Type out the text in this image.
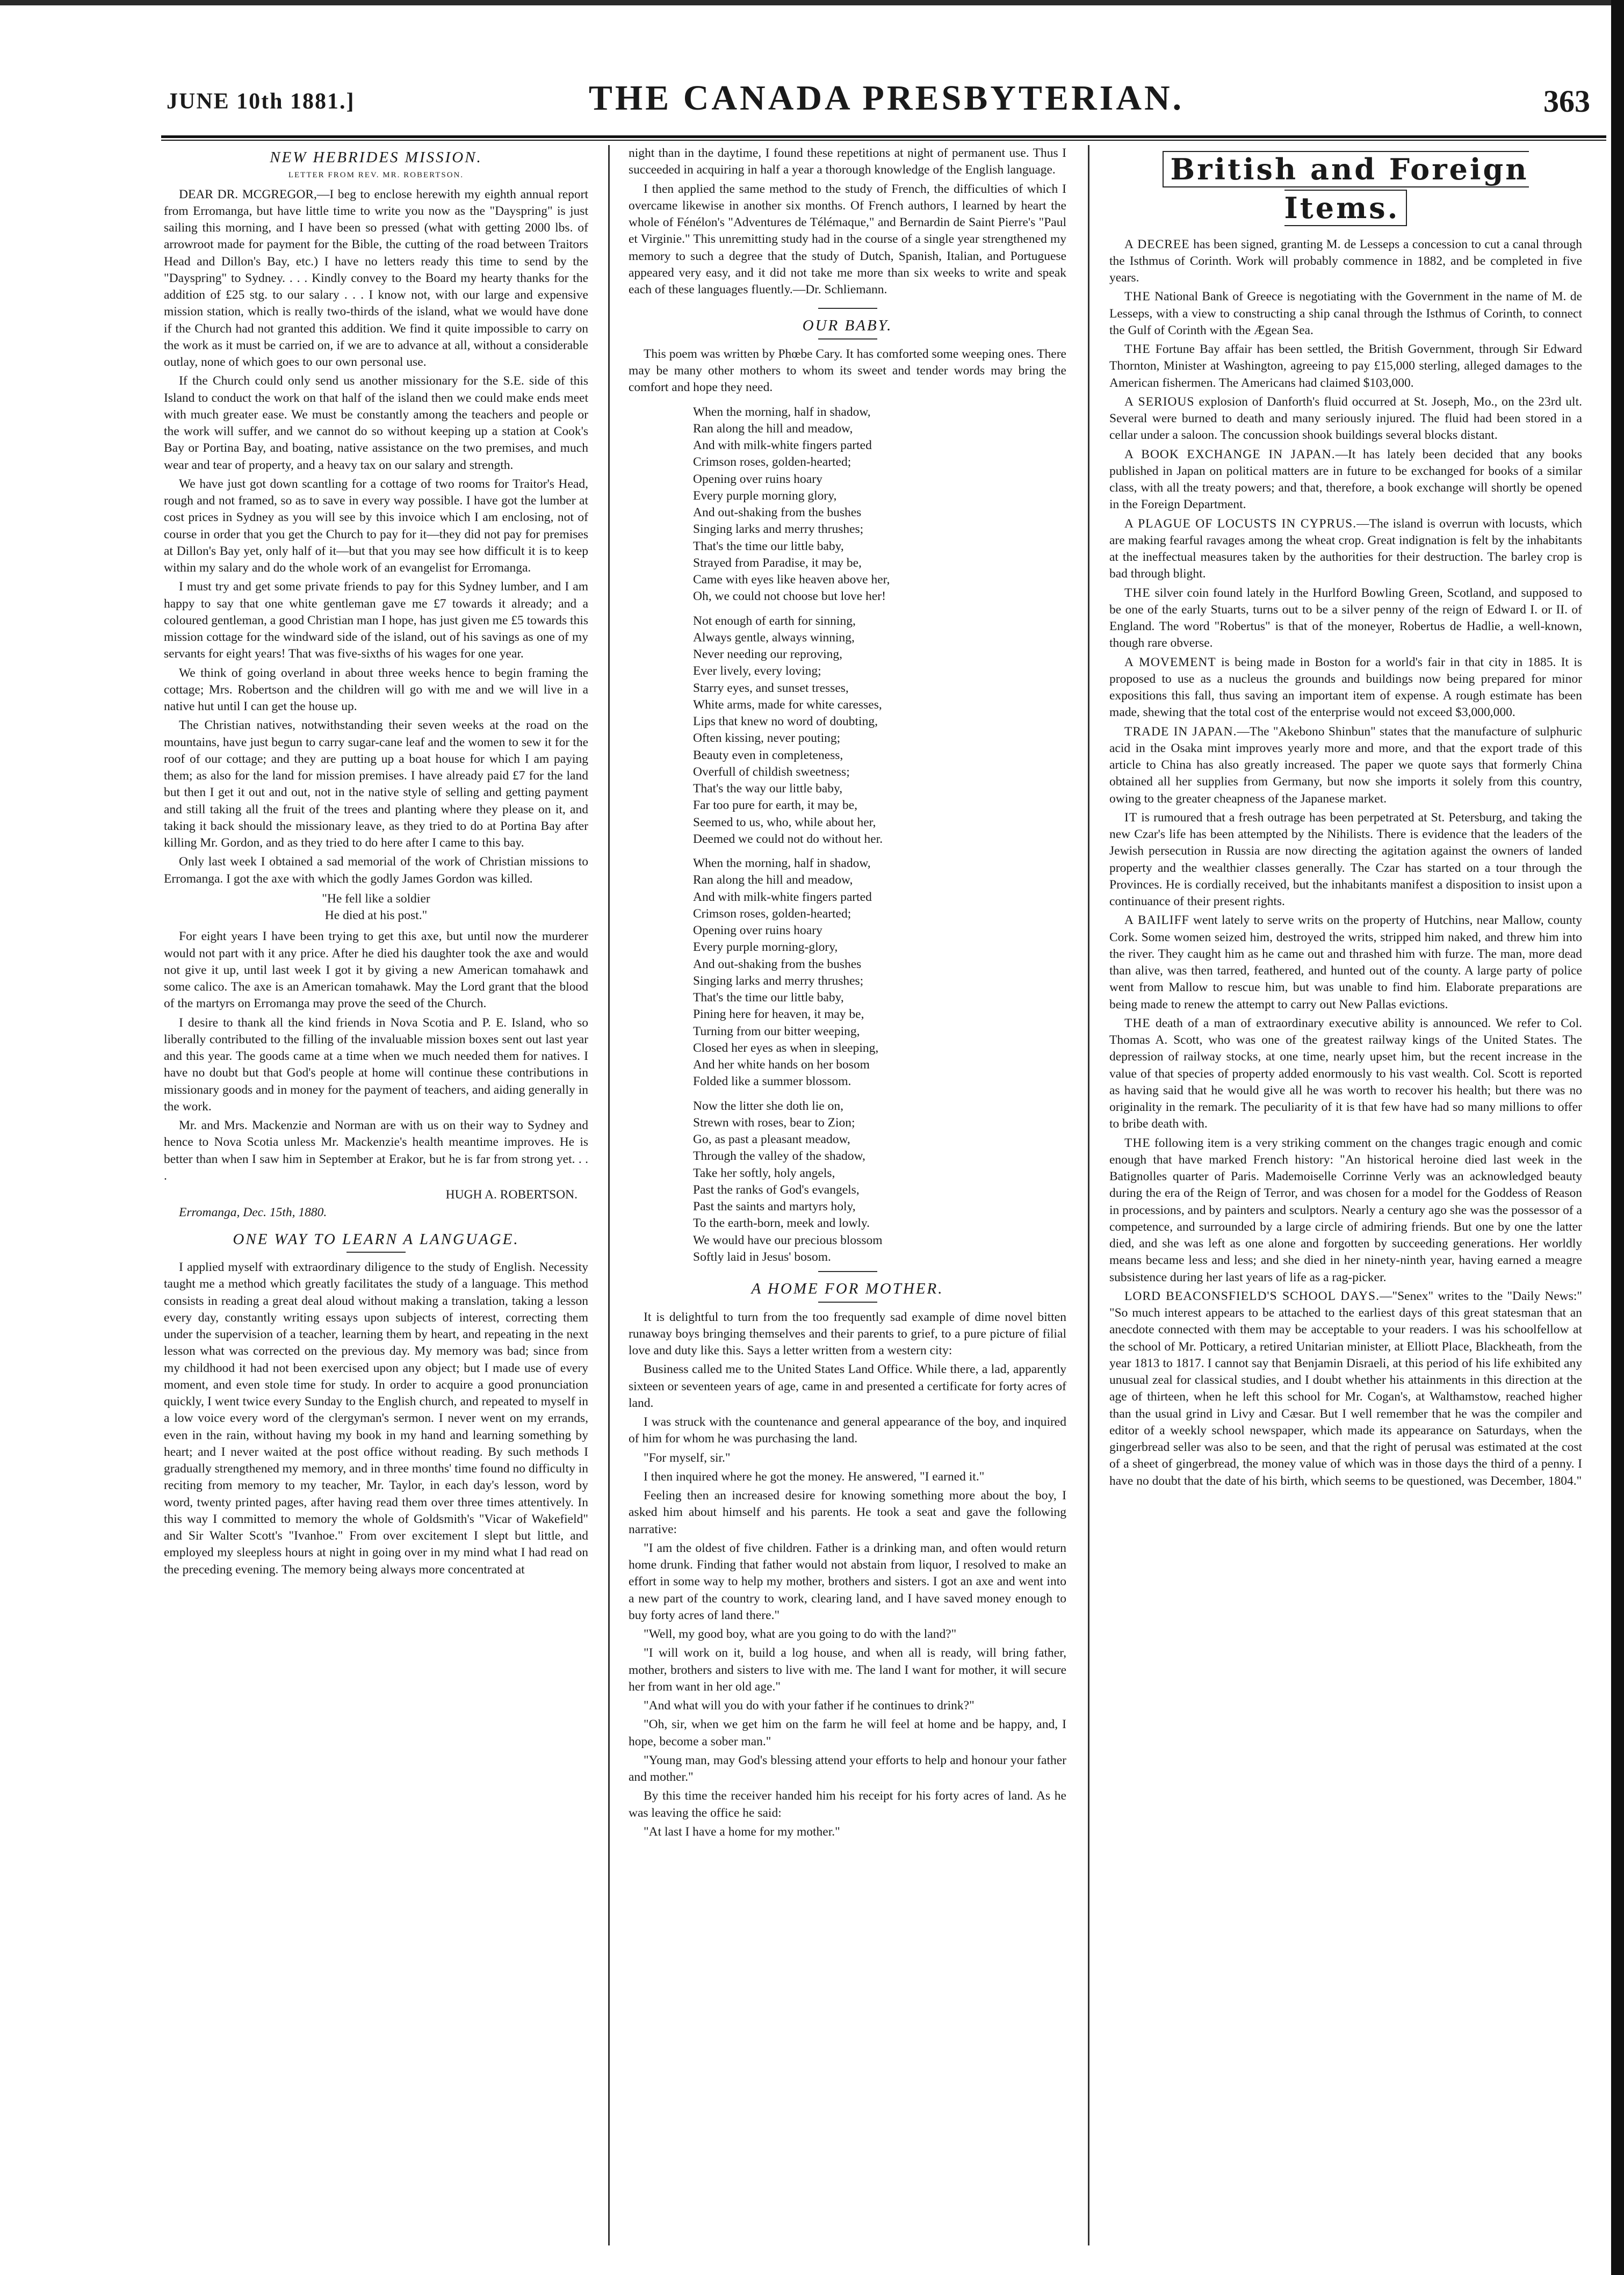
JUNE 10th 1881.]	THE CANADA PRESBYTERIAN.	363
NEW HEBRIDES MISSION.
LETTER FROM REV. MR. ROBERTSON.

DEAR DR. MCGREGOR,—I beg to enclose herewith my eighth annual report from Erromanga, but have little time to write you now as the "Dayspring" is just sailing this morning, and I have been so pressed (what with getting 2000 lbs. of arrowroot made for payment for the Bible, the cutting of the road between Traitors Head and Dillon's Bay, etc.) I have no letters ready this time to send by the "Dayspring" to Sydney. . . . Kindly convey to the Board my hearty thanks for the addition of £25 stg. to our salary . . . I know not, with our large and expensive mission station, which is really two-thirds of the island, what we would have done if the Church had not granted this addition. We find it quite impossible to carry on the work as it must be carried on, if we are to advance at all, without a considerable outlay, none of which goes to our own personal use.

If the Church could only send us another missionary for the S.E. side of this Island to conduct the work on that half of the island then we could make ends meet with much greater ease. We must be constantly among the teachers and people or the work will suffer, and we cannot do so without keeping up a station at Cook's Bay or Portina Bay, and boating, native assistance on the two premises, and much wear and tear of property, and a heavy tax on our salary and strength.

We have just got down scantling for a cottage of two rooms for Traitor's Head, rough and not framed, so as to save in every way possible. I have got the lumber at cost prices in Sydney as you will see by this invoice which I am enclosing, not of course in order that you get the Church to pay for it—they did not pay for premises at Dillon's Bay yet, only half of it—but that you may see how difficult it is to keep within my salary and do the whole work of an evangelist for Erromanga.

I must try and get some private friends to pay for this Sydney lumber, and I am happy to say that one white gentleman gave me £7 towards it already; and a coloured gentleman, a good Christian man I hope, has just given me £5 towards this mission cottage for the windward side of the island, out of his savings as one of my servants for eight years! That was five-sixths of his wages for one year.

We think of going overland in about three weeks hence to begin framing the cottage; Mrs. Robertson and the children will go with me and we will live in a native hut until I can get the house up.

The Christian natives, notwithstanding their seven weeks at the road on the mountains, have just begun to carry sugar-cane leaf and the women to sew it for the roof of our cottage; and they are putting up a boat house for which I am paying them; as also for the land for mission premises. I have already paid £7 for the land but then I get it out and out, not in the native style of selling and getting payment and still taking all the fruit of the trees and planting where they please on it, and taking it back should the missionary leave, as they tried to do at Portina Bay after killing Mr. Gordon, and as they tried to do here after I came to this bay.

Only last week I obtained a sad memorial of the work of Christian missions to Erromanga. I got the axe with which the godly James Gordon was killed.

"He fell like a soldier
He died at his post."

For eight years I have been trying to get this axe, but until now the murderer would not part with it any price. After he died his daughter took the axe and would not give it up, until last week I got it by giving a new American tomahawk and some calico. The axe is an American tomahawk. May the Lord grant that the blood of the martyrs on Erromanga may prove the seed of the Church.

I desire to thank all the kind friends in Nova Scotia and P. E. Island, who so liberally contributed to the filling of the invaluable mission boxes sent out last year and this year. The goods came at a time when we much needed them for natives. I have no doubt but that God's people at home will continue these contributions in missionary goods and in money for the payment of teachers, and aiding generally in the work.

Mr. and Mrs. Mackenzie and Norman are with us on their way to Sydney and hence to Nova Scotia unless Mr. Mackenzie's health meantime improves. He is better than when I saw him in September at Erakor, but he is far from strong yet. . . .

HUGH A. ROBERTSON.
Erromanga, Dec. 15th, 1880.
ONE WAY TO LEARN A LANGUAGE.

I applied myself with extraordinary diligence to the study of English. Necessity taught me a method which greatly facilitates the study of a language. This method consists in reading a great deal aloud without making a translation, taking a lesson every day, constantly writing essays upon subjects of interest, correcting them under the supervision of a teacher, learning them by heart, and repeating in the next lesson what was corrected on the previous day. My memory was bad; since from my childhood it had not been exercised upon any object; but I made use of every moment, and even stole time for study. In order to acquire a good pronunciation quickly, I went twice every Sunday to the English church, and repeated to myself in a low voice every word of the clergyman's sermon. I never went on my errands, even in the rain, without having my book in my hand and learning something by heart; and I never waited at the post office without reading. By such methods I gradually strengthened my memory, and in three months' time found no difficulty in reciting from memory to my teacher, Mr. Taylor, in each day's lesson, word by word, twenty printed pages, after having read them over three times attentively. In this way I committed to memory the whole of Goldsmith's "Vicar of Wakefield" and Sir Walter Scott's "Ivanhoe." From over excitement I slept but little, and employed my sleepless hours at night in going over in my mind what I had read on the preceding evening. The memory being always more concentrated at

night than in the daytime, I found these repetitions at night of permanent use. Thus I succeeded in acquiring in half a year a thorough knowledge of the English language.

I then applied the same method to the study of French, the difficulties of which I overcame likewise in another six months. Of French authors, I learned by heart the whole of Fénélon's "Adventures de Télémaque," and Bernardin de Saint Pierre's "Paul et Virginie." This unremitting study had in the course of a single year strengthened my memory to such a degree that the study of Dutch, Spanish, Italian, and Portuguese appeared very easy, and it did not take me more than six weeks to write and speak each of these languages fluently.—Dr. Schliemann.

OUR BABY.

This poem was written by Phœbe Cary. It has comforted some weeping ones. There may be many other mothers to whom its sweet and tender words may bring the comfort and hope they need.

When the morning, half in shadow,
Ran along the hill and meadow,
And with milk-white fingers parted
Crimson roses, golden-hearted;
Opening over ruins hoary
Every purple morning glory,
And out-shaking from the bushes
Singing larks and merry thrushes;
That's the time our little baby,
Strayed from Paradise, it may be,
Came with eyes like heaven above her,
Oh, we could not choose but love her!
Not enough of earth for sinning,
Always gentle, always winning,
Never needing our reproving,
Ever lively, every loving;
Starry eyes, and sunset tresses,
White arms, made for white caresses,
Lips that knew no word of doubting,
Often kissing, never pouting;
Beauty even in completeness,
Overfull of childish sweetness;
That's the way our little baby,
Far too pure for earth, it may be,
Seemed to us, who, while about her,
Deemed we could not do without her.
When the morning, half in shadow,
Ran along the hill and meadow,
And with milk-white fingers parted
Crimson roses, golden-hearted;
Opening over ruins hoary
Every purple morning-glory,
And out-shaking from the bushes
Singing larks and merry thrushes;
That's the time our little baby,
Pining here for heaven, it may be,
Turning from our bitter weeping,
Closed her eyes as when in sleeping,
And her white hands on her bosom
Folded like a summer blossom.
Now the litter she doth lie on,
Strewn with roses, bear to Zion;
Go, as past a pleasant meadow,
Through the valley of the shadow,
Take her softly, holy angels,
Past the ranks of God's evangels,
Past the saints and martyrs holy,
To the earth-born, meek and lowly.
We would have our precious blossom
Softly laid in Jesus' bosom.
A HOME FOR MOTHER.

It is delightful to turn from the too frequently sad example of dime novel bitten runaway boys bringing themselves and their parents to grief, to a pure picture of filial love and duty like this. Says a letter written from a western city:

Business called me to the United States Land Office. While there, a lad, apparently sixteen or seventeen years of age, came in and presented a certificate for forty acres of land.

I was struck with the countenance and general appearance of the boy, and inquired of him for whom he was purchasing the land.

"For myself, sir."

I then inquired where he got the money. He answered, "I earned it."

Feeling then an increased desire for knowing something more about the boy, I asked him about himself and his parents. He took a seat and gave the following narrative:

"I am the oldest of five children. Father is a drinking man, and often would return home drunk. Finding that father would not abstain from liquor, I resolved to make an effort in some way to help my mother, brothers and sisters. I got an axe and went into a new part of the country to work, clearing land, and I have saved money enough to buy forty acres of land there."

"Well, my good boy, what are you going to do with the land?"

"I will work on it, build a log house, and when all is ready, will bring father, mother, brothers and sisters to live with me. The land I want for mother, it will secure her from want in her old age."

"And what will you do with your father if he continues to drink?"

"Oh, sir, when we get him on the farm he will feel at home and be happy, and, I hope, become a sober man."

"Young man, may God's blessing attend your efforts to help and honour your father and mother."

By this time the receiver handed him his receipt for his forty acres of land. As he was leaving the office he said:

"At last I have a home for my mother."

British and Foreign Items.

A DECREE has been signed, granting M. de Lesseps a concession to cut a canal through the Isthmus of Corinth. Work will probably commence in 1882, and be completed in five years.

THE National Bank of Greece is negotiating with the Government in the name of M. de Lesseps, with a view to constructing a ship canal through the Isthmus of Corinth, to connect the Gulf of Corinth with the Ægean Sea.

THE Fortune Bay affair has been settled, the British Government, through Sir Edward Thornton, Minister at Washington, agreeing to pay £15,000 sterling, alleged damages to the American fishermen. The Americans had claimed $103,000.

A SERIOUS explosion of Danforth's fluid occurred at St. Joseph, Mo., on the 23rd ult. Several were burned to death and many seriously injured. The fluid had been stored in a cellar under a saloon. The concussion shook buildings several blocks distant.

A BOOK EXCHANGE IN JAPAN.—It has lately been decided that any books published in Japan on political matters are in future to be exchanged for books of a similar class, with all the treaty powers; and that, therefore, a book exchange will shortly be opened in the Foreign Department.

A PLAGUE OF LOCUSTS IN CYPRUS.—The island is overrun with locusts, which are making fearful ravages among the wheat crop. Great indignation is felt by the inhabitants at the ineffectual measures taken by the authorities for their destruction. The barley crop is bad through blight.

THE silver coin found lately in the Hurlford Bowling Green, Scotland, and supposed to be one of the early Stuarts, turns out to be a silver penny of the reign of Edward I. or II. of England. The word "Robertus" is that of the moneyer, Robertus de Hadlie, a well-known, though rare obverse.

A MOVEMENT is being made in Boston for a world's fair in that city in 1885. It is proposed to use as a nucleus the grounds and buildings now being prepared for minor expositions this fall, thus saving an important item of expense. A rough estimate has been made, shewing that the total cost of the enterprise would not exceed $3,000,000.

TRADE IN JAPAN.—The "Akebono Shinbun" states that the manufacture of sulphuric acid in the Osaka mint improves yearly more and more, and that the export trade of this article to China has also greatly increased. The paper we quote says that formerly China obtained all her supplies from Germany, but now she imports it solely from this country, owing to the greater cheapness of the Japanese market.

IT is rumoured that a fresh outrage has been perpetrated at St. Petersburg, and taking the new Czar's life has been attempted by the Nihilists. There is evidence that the leaders of the Jewish persecution in Russia are now directing the agitation against the owners of landed property and the wealthier classes generally. The Czar has started on a tour through the Provinces. He is cordially received, but the inhabitants manifest a disposition to insist upon a continuance of their present rights.

A BAILIFF went lately to serve writs on the property of Hutchins, near Mallow, county Cork. Some women seized him, destroyed the writs, stripped him naked, and threw him into the river. They caught him as he came out and thrashed him with furze. The man, more dead than alive, was then tarred, feathered, and hunted out of the county. A large party of police went from Mallow to rescue him, but was unable to find him. Elaborate preparations are being made to renew the attempt to carry out New Pallas evictions.

THE death of a man of extraordinary executive ability is announced. We refer to Col. Thomas A. Scott, who was one of the greatest railway kings of the United States. The depression of railway stocks, at one time, nearly upset him, but the recent increase in the value of that species of property added enormously to his vast wealth. Col. Scott is reported as having said that he would give all he was worth to recover his health; but there was no originality in the remark. The peculiarity of it is that few have had so many millions to offer to bribe death with.

THE following item is a very striking comment on the changes tragic enough and comic enough that have marked French history: "An historical heroine died last week in the Batignolles quarter of Paris. Mademoiselle Corrinne Verly was an acknowledged beauty during the era of the Reign of Terror, and was chosen for a model for the Goddess of Reason in processions, and by painters and sculptors. Nearly a century ago she was the possessor of a competence, and surrounded by a large circle of admiring friends. But one by one the latter died, and she was left as one alone and forgotten by succeeding generations. Her worldly means became less and less; and she died in her ninety-ninth year, having earned a meagre subsistence during her last years of life as a rag-picker.

LORD BEACONSFIELD'S SCHOOL DAYS.—"Senex" writes to the "Daily News:" "So much interest appears to be attached to the earliest days of this great statesman that an anecdote connected with them may be acceptable to your readers. I was his schoolfellow at the school of Mr. Potticary, a retired Unitarian minister, at Elliott Place, Blackheath, from the year 1813 to 1817. I cannot say that Benjamin Disraeli, at this period of his life exhibited any unusual zeal for classical studies, and I doubt whether his attainments in this direction at the age of thirteen, when he left this school for Mr. Cogan's, at Walthamstow, reached higher than the usual grind in Livy and Cæsar. But I well remember that he was the compiler and editor of a weekly school newspaper, which made its appearance on Saturdays, when the gingerbread seller was also to be seen, and that the right of perusal was estimated at the cost of a sheet of gingerbread, the money value of which was in those days the third of a penny. I have no doubt that the date of his birth, which seems to be questioned, was December, 1804."
